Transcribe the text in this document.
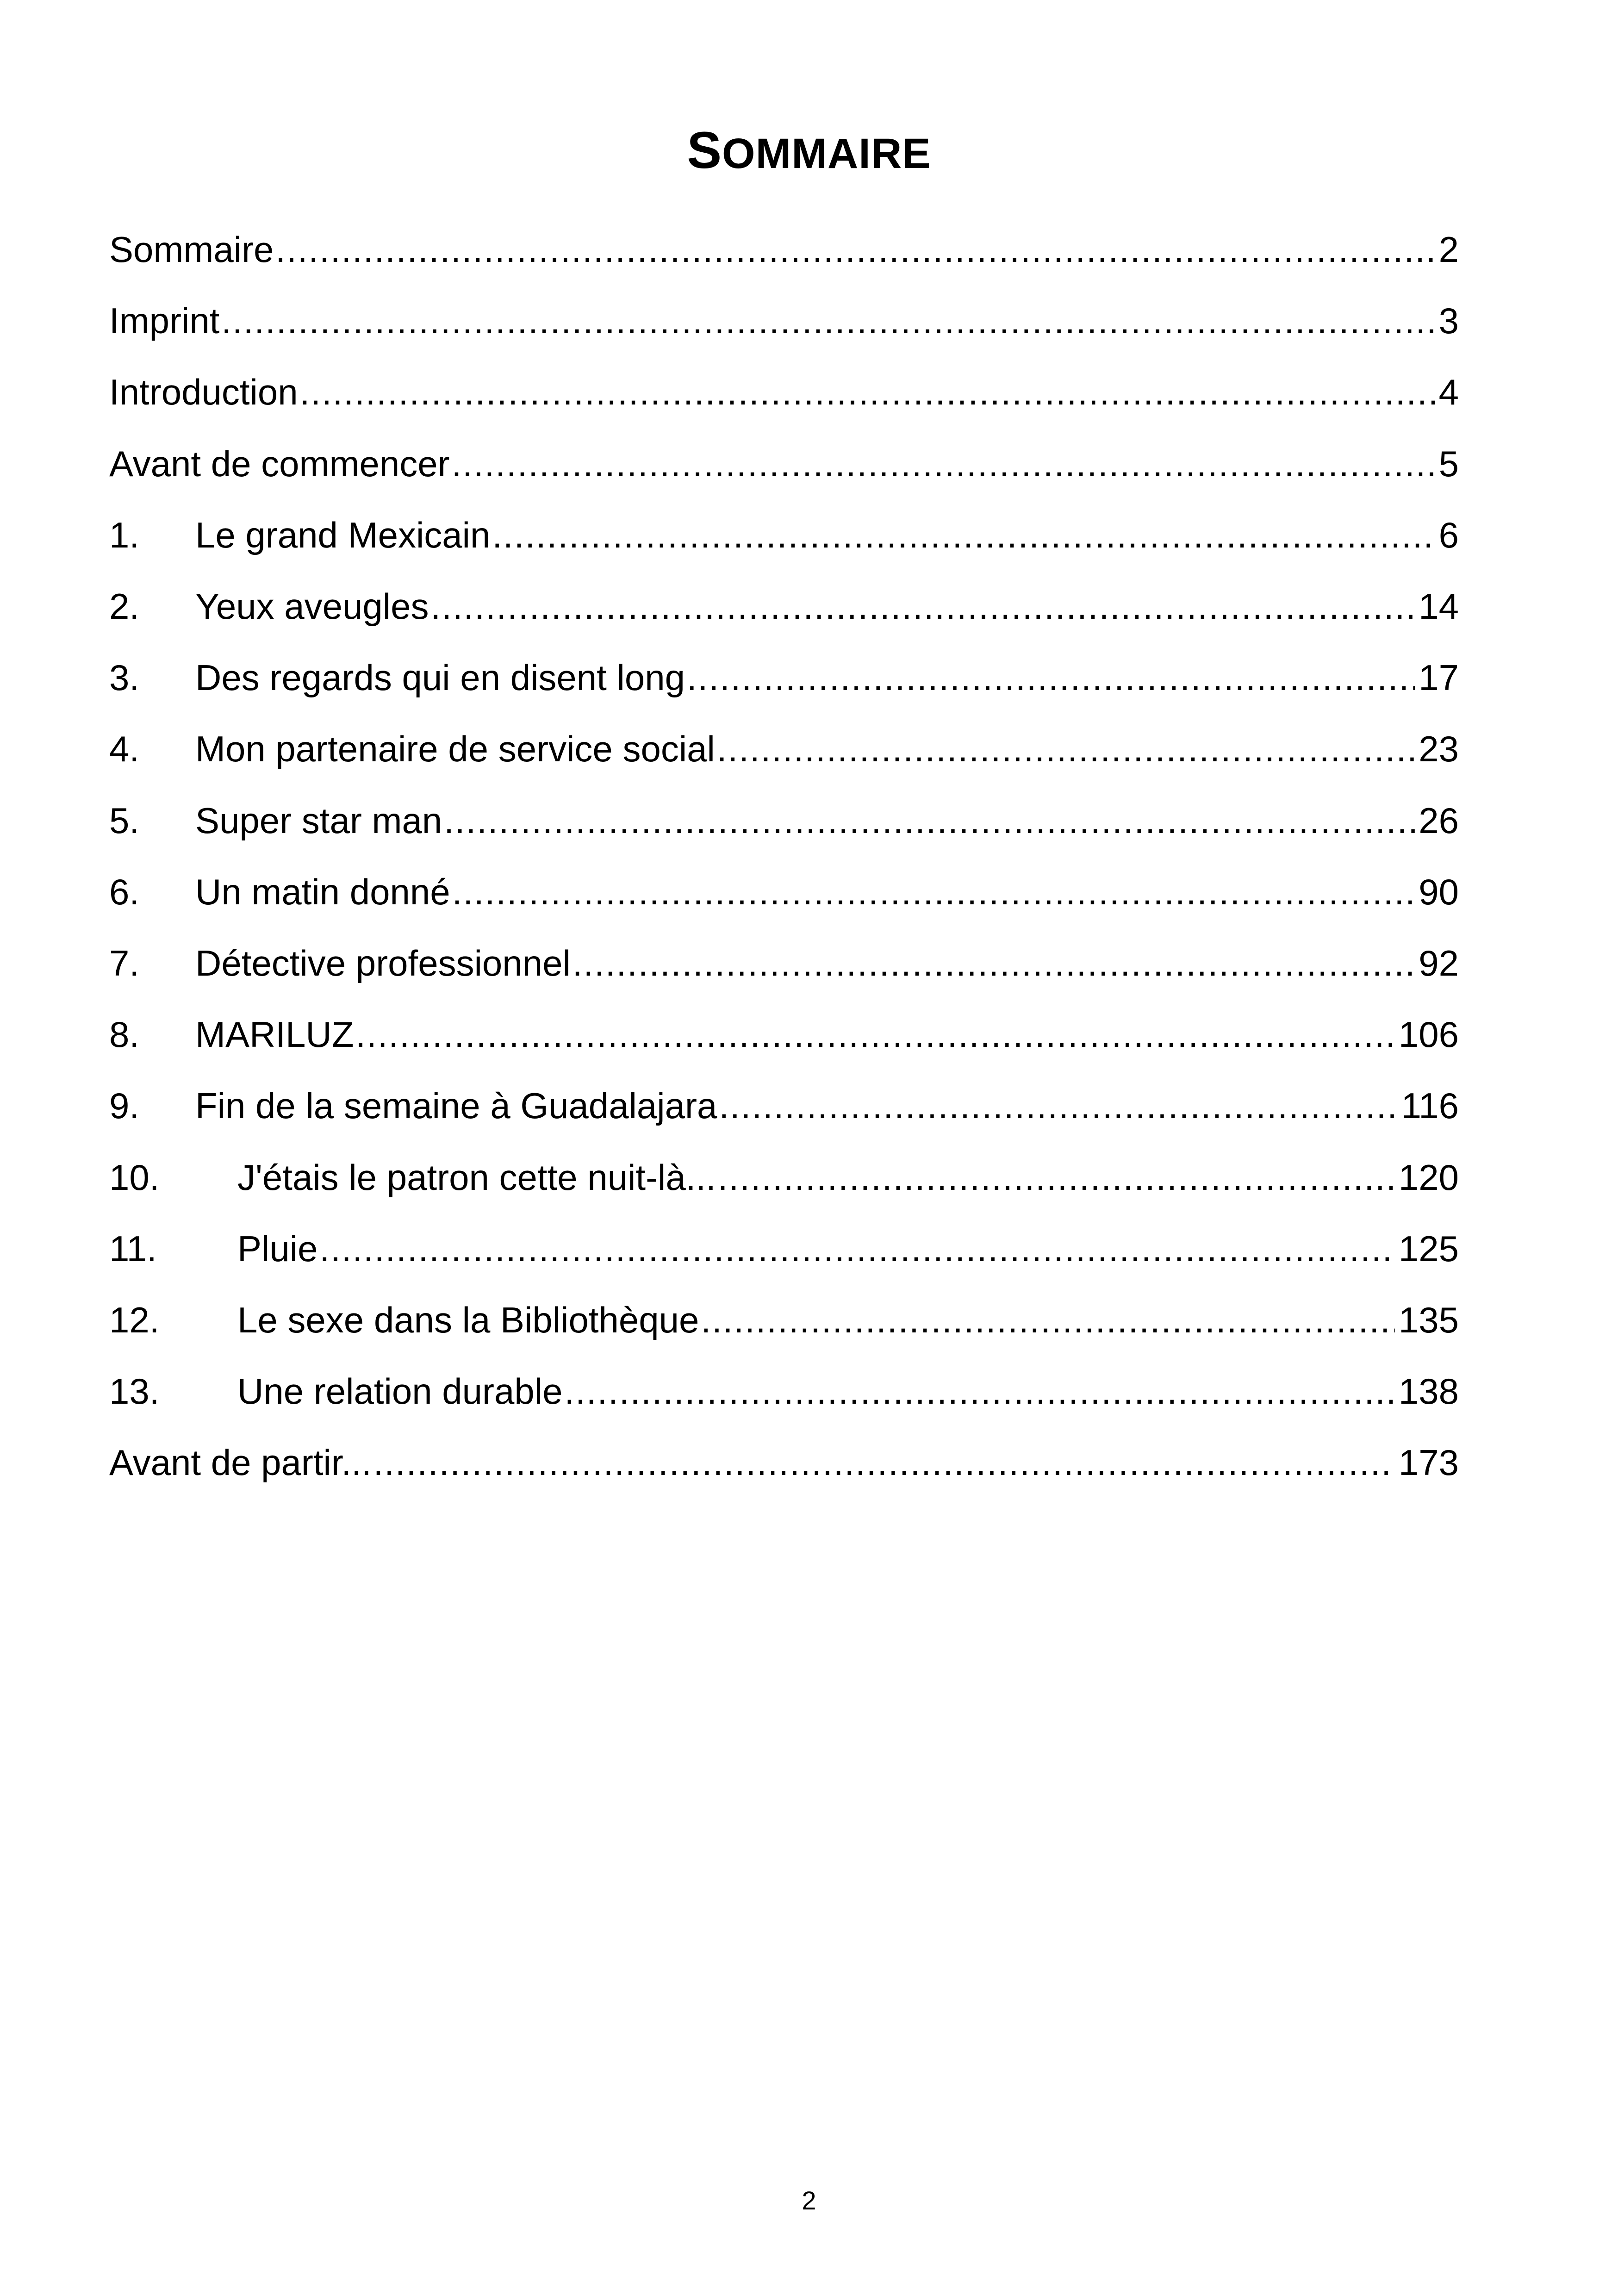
SOMMAIRE
Sommaire .....	2
Imprint .....	3
Introduction .....	4
Avant de commencer .....	5
1.	Le grand Mexicain .....	6
2.	Yeux aveugles .....	14
3.	Des regards qui en disent long .....	17
4.	Mon partenaire de service social .....	23
5.	Super star man .....	26
6.	Un matin donné .....	90
7.	Détective professionnel .....	92
8.	MARILUZ .....	106
9.	Fin de la semaine à Guadalajara .....	116
10.	J'étais le patron cette nuit-là... .....	120
11.	Pluie .....	125
12.	Le sexe dans la Bibliothèque .....	135
13.	Une relation durable .....	138
Avant de partir... .....	173
2
